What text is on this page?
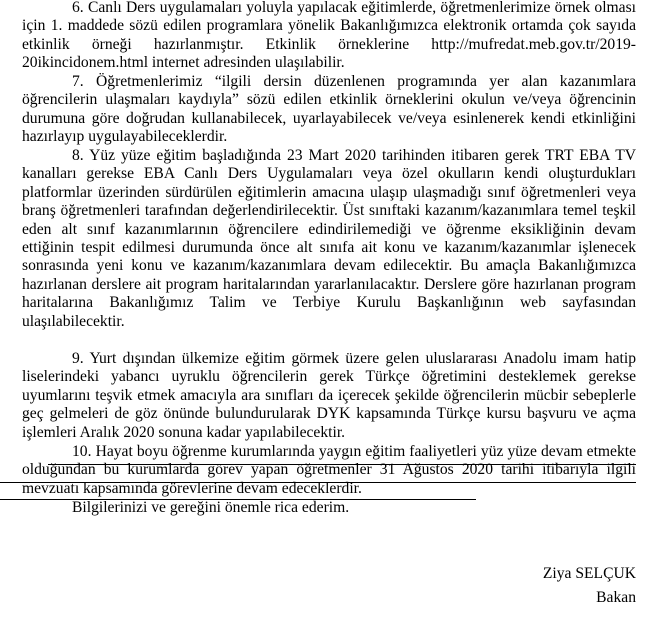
6. Canlı Ders uygulamaları yoluyla yapılacak eğitimlerde, öğretmenlerimize örnek olması için 1. maddede sözü edilen programlara yönelik Bakanlığımızca elektronik ortamda çok sayıda etkinlik örneği hazırlanmıştır. Etkinlik örneklerine http://mufredat.meb.gov.tr/2019-20ikincidonem.html internet adresinden ulaşılabilir.

7. Öğretmenlerimiz “ilgili dersin düzenlenen programında yer alan kazanımlara öğrencilerin ulaşmaları kaydıyla” sözü edilen etkinlik örneklerini okulun ve/veya öğrencinin durumuna göre doğrudan kullanabilecek, uyarlayabilecek ve/veya esinlenerek kendi etkinliğini hazırlayıp uygulayabileceklerdir.

8. Yüz yüze eğitim başladığında 23 Mart 2020 tarihinden itibaren gerek TRT EBA TV kanalları gerekse EBA Canlı Ders Uygulamaları veya özel okulların kendi oluşturdukları platformlar üzerinden sürdürülen eğitimlerin amacına ulaşıp ulaşmadığı sınıf öğretmenleri veya branş öğretmenleri tarafından değerlendirilecektir. Üst sınıftaki kazanım/kazanımlara temel teşkil eden alt sınıf kazanımlarının öğrencilere edindirilemediği ve öğrenme eksikliğinin devam ettiğinin tespit edilmesi durumunda önce alt sınıfa ait konu ve kazanım/kazanımlar işlenecek sonrasında yeni konu ve kazanım/kazanımlara devam edilecektir. Bu amaçla Bakanlığımızca hazırlanan derslere ait program haritalarından yararlanılacaktır. Derslere göre hazırlanan program haritalarına Bakanlığımız Talim ve Terbiye Kurulu Başkanlığının web sayfasından ulaşılabilecektir.

9. Yurt dışından ülkemize eğitim görmek üzere gelen uluslararası Anadolu imam hatip liselerindeki yabancı uyruklu öğrencilerin gerek Türkçe öğretimini desteklemek gerekse uyumlarını teşvik etmek amacıyla ara sınıfları da içerecek şekilde öğrencilerin mücbir sebeplerle geç gelmeleri de göz önünde bulundurularak DYK kapsamında Türkçe kursu başvuru ve açma işlemleri Aralık 2020 sonuna kadar yapılabilecektir.

10. Hayat boyu öğrenme kurumlarında yaygın eğitim faaliyetleri yüz yüze devam etmekte olduğundan bu kurumlarda görev yapan öğretmenler 31 Ağustos 2020 tarihi itibarıyla ilgili mevzuatı kapsamında görevlerine devam edeceklerdir.

Bilgilerinizi ve gereğini önemle rica ederim.

Ziya SELÇUK
Bakan
